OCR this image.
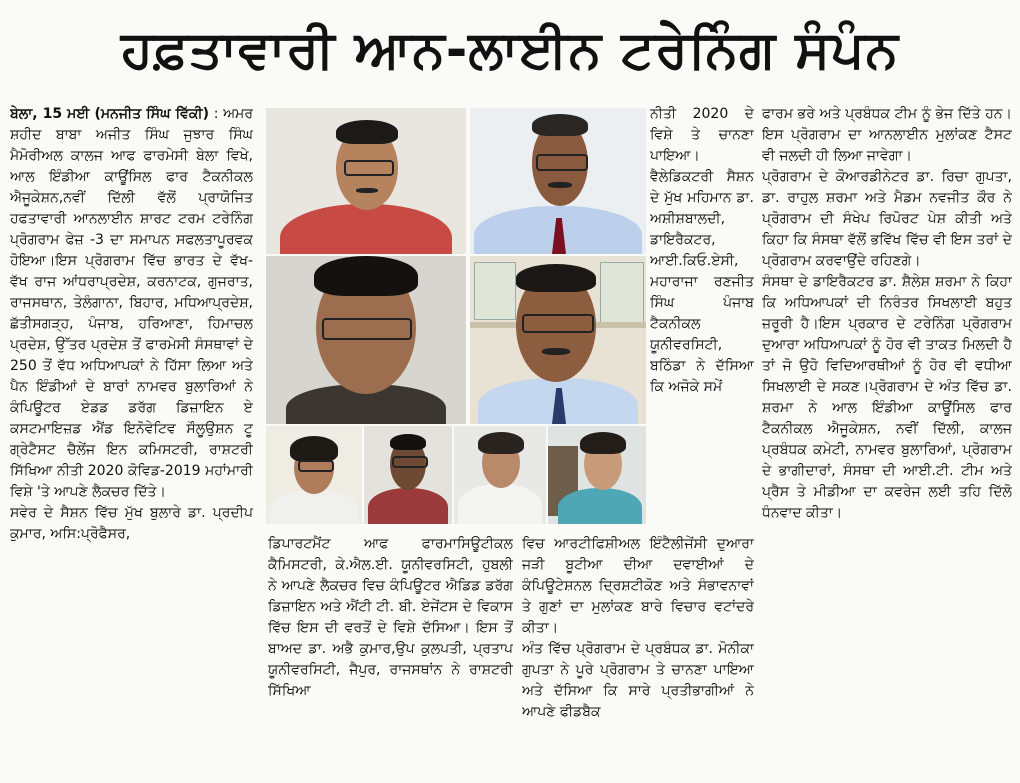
ਹਫ਼ਤਾਵਾਰੀ ਆਨ-ਲਾਈਨ ਟਰੇਨਿੰਗ ਸੰਪੰਨ

ਬੇਲਾ, 15 ਮਈ (ਮਨਜੀਤ ਸਿੰਘ ਵਿੱਕੀ) : ਅਮਰ ਸ਼ਹੀਦ ਬਾਬਾ ਅਜੀਤ ਸਿੰਘ ਜੁਝਾਰ ਸਿੰਘ ਮੈਮੋਰੀਅਲ ਕਾਲਜ ਆਫ ਫਾਰਮੇਸੀ ਬੇਲਾ ਵਿਖੇ, ਆਲ ਇੰਡੀਆ ਕਾਊਂਸਿਲ ਫਾਰ ਟੈਕਨੀਕਲ ਐਜੂਕੇਸ਼ਨ,ਨਵੀਂ ਦਿੱਲੀ ਵੱਲੋਂ ਪ੍ਰਾਯੋਜਿਤ ਹਫਤਾਵਾਰੀ ਆਨਲਾਈਨ ਸ਼ਾਰਟ ਟਰਮ ਟਰੇਨਿੰਗ ਪ੍ਰੋਗਰਾਮ ਫੇਜ਼ -3 ਦਾ ਸਮਾਪਨ ਸਫਲਤਾਪੂਰਵਕ ਹੋਇਆ।ਇਸ ਪ੍ਰੋਗਰਾਮ ਵਿੱਚ ਭਾਰਤ ਦੇ ਵੱਖ- ਵੱਖ ਰਾਜ ਆਂਧਰਾਪ੍ਰਦੇਸ਼, ਕਰਨਾਟਕ, ਗੁਜਰਾਤ, ਰਾਜਸਥਾਨ, ਤੇਲੰਗਾਨਾ, ਬਿਹਾਰ, ਮਧਿਆਪ੍ਰਦੇਸ਼, ਛੱਤੀਸਗੜ੍ਹ, ਪੰਜਾਬ, ਹਰਿਆਣਾ, ਹਿਮਾਚਲ ਪ੍ਰਦੇਸ਼, ਉੱਤਰ ਪ੍ਰਦੇਸ਼ ਤੋਂ ਫਾਰਮੇਸੀ ਸੰਸਥਾਵਾਂ ਦੇ 250 ਤੋਂ ਵੱਧ ਅਧਿਆਪਕਾਂ ਨੇ ਹਿੱਸਾ ਲਿਆ ਅਤੇ ਪੈਨ ਇੰਡੀਆਂ ਦੇ ਬਾਰਾਂ ਨਾਮਵਰ ਬੁਲਾਰਿਆਂ ਨੇ ਕੰਪਿਊਟਰ ਏਡਡ ਡਰੱਗ ਡਿਜ਼ਾਇਨ ਏ ਕਸਟਮਾਇਜ਼ਡ ਐਂਡ ਇਨੋਵੇਟਿਵ ਸੌਲੂਉਸ਼ਨ ਟੂ ਗ੍ਰੇਟੈਸਟ ਚੈਲੇਂਜ ਇਨ ਕਮਿਸਟਰੀ, ਰਾਸ਼ਟਰੀ ਸਿੱਖਿਆ ਨੀਤੀ 2020 ਕੋਵਿਡ-2019 ਮਹਾਂਮਾਰੀ ਵਿਸ਼ੇ 'ਤੇ ਆਪਣੇ ਲੈਕਚਰ ਦਿੱਤੇ।

ਸਵੇਰ ਦੇ ਸੈਸ਼ਨ ਵਿੱਚ ਮੁੱਖ ਬੁਲਾਰੇ ਡਾ. ਪ੍ਰਦੀਪ ਕੁਮਾਰ, ਅਸਿ:ਪ੍ਰੋਫੈਸਰ,

ਡਿਪਾਰਟਮੈਂਟ ਆਫ ਫਾਰਮਾਸਿਊਟੀਕਲ ਕੈਮਿਸਟਰੀ, ਕੇ.ਐਲ.ਈ. ਯੂਨੀਵਰਸਿਟੀ, ਹੁਬਲੀ ਨੇ ਆਪਣੇ ਲੈਕਚਰ ਵਿਚ ਕੰਪਿਊਟਰ ਐਡਿਡ ਡਰੱਗ ਡਿਜ਼ਾਇਨ ਅਤੇ ਐਂਟੀ ਟੀ. ਬੀ. ਏਜੇਂਟਸ ਦੇ ਵਿਕਾਸ ਵਿੱਚ ਇਸ ਦੀ ਵਰਤੋਂ ਦੇ ਵਿਸ਼ੇ ਦੱਸਿਆ। ਇਸ ਤੋਂ ਬਾਅਦ ਡਾ. ਅਭੈ ਕੁਮਾਰ,ਉਪ ਕੁਲਪਤੀ, ਪ੍ਰਤਾਪ ਯੂਨੀਵਰਸਿਟੀ, ਜੈਪੁਰ, ਰਾਜਸਥਾਂਨ ਨੇ ਰਾਸ਼ਟਰੀ ਸਿੱਖਿਆ

ਨੀਤੀ 2020 ਦੇ ਵਿਸ਼ੇ ਤੇ ਚਾਨਣਾ ਪਾਇਆ।

ਵੈਲੇਡਿਕਟਰੀ ਸੈਸ਼ਨ ਦੇ ਮੁੱਖ ਮਹਿਮਾਨ ਡਾ. ਅਸ਼ੀਸ਼ਬਾਲਦੀ, ਡਾਇਰੈਕਟਰ, ਆਈ.ਕਿਓ.ਏਸੀ, ਮਹਾਰਾਜਾ ਰਣਜੀਤ ਸਿੰਘ ਪੰਜਾਬ ਟੈਕਨੀਕਲ ਯੂਨੀਵਰਸਿਟੀ, ਬਠਿੰਡਾ ਨੇ ਦੱਸਿਆ ਕਿ ਅਜੋਕੇ ਸਮੇਂ

ਵਿਚ ਆਰਟੀਫਿਸ਼ੀਅਲ ਇੰਟੈਲੀਜੇਂਸੀ ਦੁਆਰਾ ਜੜੀ ਬੂਟੀਆ ਦੀਆ ਦਵਾਈਆਂ ਦੇ ਕੰਪਿਊਟੇਸ਼ਨਲ ਦ੍ਰਿਸ਼ਟੀਕੋਣ ਅਤੇ ਸੰਭਾਵਨਾਵਾਂ ਤੇ ਗੁਣਾਂ ਦਾ ਮੁਲਾਂਕਣ ਬਾਰੇ ਵਿਚਾਰ ਵਟਾਂਦਰੇ ਕੀਤਾ।

ਅੰਤ ਵਿੱਚ ਪ੍ਰੋਗਰਾਮ ਦੇ ਪ੍ਰਬੰਧਕ ਡਾ. ਮੋਨੀਕਾ ਗੁਪਤਾ ਨੇ ਪੂਰੇ ਪ੍ਰੋਗਰਾਮ ਤੇ ਚਾਨਣਾ ਪਾਇਆ ਅਤੇ ਦੱਸਿਆ ਕਿ ਸਾਰੇ ਪ੍ਰਤੀਭਾਗੀਆਂ ਨੇ ਆਪਣੇ ਫੀਡਬੈਕ

ਫਾਰਮ ਭਰੇ ਅਤੇ ਪ੍ਰਬੰਧਕ ਟੀਮ ਨੂੰ ਭੇਜ ਦਿੱਤੇ ਹਨ। ਇਸ ਪ੍ਰੋਗਰਾਮ ਦਾ ਆਨਲਾਈਨ ਮੁਲਾਂਕਣ ਟੈਸਟ ਵੀ ਜਲਦੀ ਹੀ ਲਿਆ ਜਾਵੇਗਾ।

ਪ੍ਰੋਗਰਾਮ ਦੇ ਕੋਆਰਡੀਨੇਟਰ ਡਾ. ਰਿਚਾ ਗੁਪਤਾ, ਡਾ. ਰਾਹੁਲ ਸ਼ਰਮਾ ਅਤੇ ਮੈਡਮ ਨਵਜੀਤ ਕੌਰ ਨੇ ਪ੍ਰੋਗਰਾਮ ਦੀ ਸੰਖੇਪ ਰਿਪੋਰਟ ਪੇਸ਼ ਕੀਤੀ ਅਤੇ ਕਿਹਾ ਕਿ ਸੰਸਥਾ ਵੱਲੋਂ ਭਵਿੱਖ ਵਿੱਚ ਵੀ ਇਸ ਤਰਾਂ ਦੇ ਪ੍ਰੋਗਰਾਮ ਕਰਵਾਉਂਦੇ ਰਹਿਣਗੇ।

ਸੰਸਥਾ ਦੇ ਡਾਇਰੈਕਟਰ ਡਾ. ਸ਼ੈਲੇਸ਼ ਸ਼ਰਮਾ ਨੇ ਕਿਹਾ ਕਿ ਅਧਿਆਪਕਾਂ ਦੀ ਨਿਰੰਤਰ ਸਿਖਲਾਈ ਬਹੁਤ ਜ਼ਰੂਰੀ ਹੈ।ਇਸ ਪ੍ਰਕਾਰ ਦੇ ਟਰੇਨਿੰਗ ਪ੍ਰੋਗਰਾਮ ਦੁਆਰਾ ਅਧਿਆਪਕਾਂ ਨੂੰ ਹੋਰ ਵੀ ਤਾਕਤ ਮਿਲਦੀ ਹੈ ਤਾਂ ਜੋ ਉਹੋ ਵਿਦਿਆਰਥੀਆਂ ਨੂੰ ਹੋਰ ਵੀ ਵਧੀਆ ਸਿਖਲਾਈ ਦੇ ਸਕਣ।ਪ੍ਰੋਗਰਾਮ ਦੇ ਅੰਤ ਵਿੱਚ ਡਾ. ਸ਼ਰਮਾ ਨੇ ਆਲ ਇੰਡੀਆ ਕਾਊਂਸਿਲ ਫਾਰ ਟੈਕਨੀਕਲ ਐਜੂਕੇਸ਼ਨ, ਨਵੀਂ ਦਿੱਲੀ, ਕਾਲਜ ਪ੍ਰਬੰਧਕ ਕਮੇਟੀ, ਨਾਮਵਰ ਬੁਲਾਰਿਆਂ, ਪ੍ਰੋਗਰਾਮ ਦੇ ਭਾਗੀਦਾਰਾਂ, ਸੰਸਥਾ ਦੀ ਆਈ.ਟੀ. ਟੀਮ ਅਤੇ ਪ੍ਰੈਸ ਤੇ ਮੀਡੀਆ ਦਾ ਕਵਰੇਜ ਲਈ ਤਹਿ ਦਿੱਲੋ ਧੰਨਵਾਦ ਕੀਤਾ।
